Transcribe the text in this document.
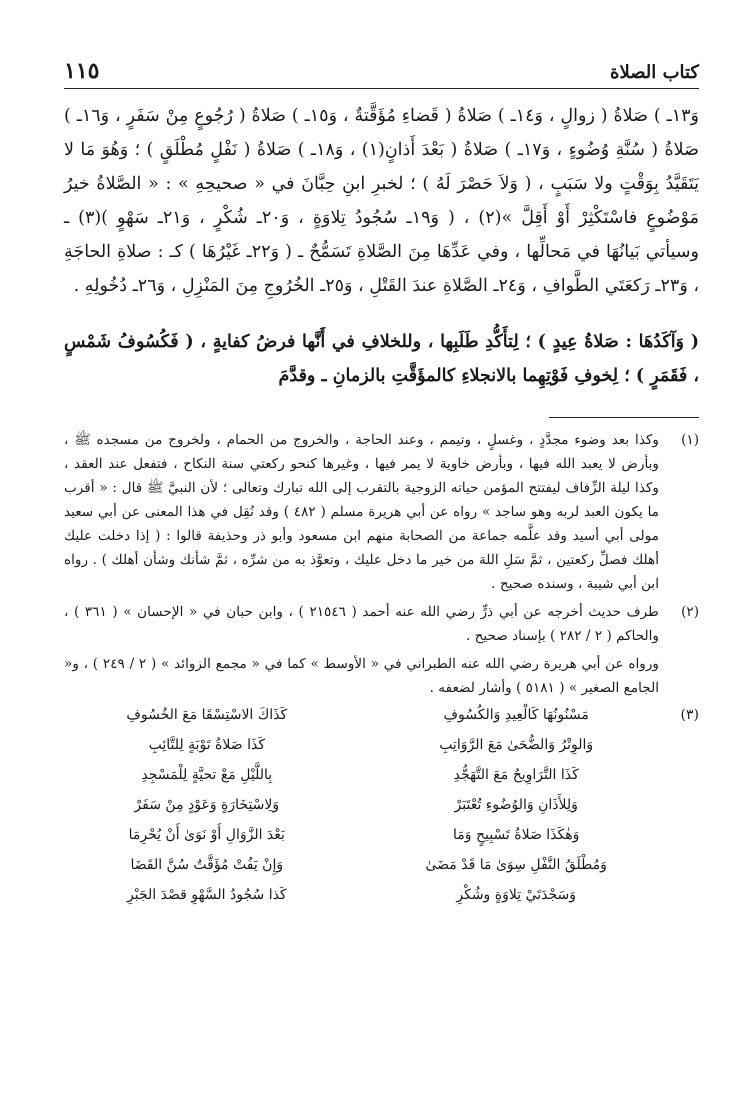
كتاب الصلاة
١١٥

وَ١٣ـ ) صَلاةُ ( زوالٍ ، وَ١٤ـ ) صَلاةُ ( قَضاءِ مُؤَقَّتةٌ ، وَ١٥ـ ) صَلاةُ ( رُجُوعٍ مِنْ سَفَرٍ ، وَ١٦ـ ) صَلاةُ ( سُنَّةِ وُضُوءٍ ، وَ١٧ـ ) صَلاةُ ( بَعْدَ أَذانٍ(١) ، وَ١٨ـ ) صَلاةُ ( نَفْلٍ مُطْلَقٍ ) ؛ وَهُوَ مَا لا يَتَقَيَّدُ بِوَقْتٍ ولا سَبَبٍ ، ( وَلاَ حَصْرَ لَهُ ) ؛ لخبرِ ابنِ حِبَّانَ في « صحيحِهِ » : « الصَّلاةُ خيرُ مَوْضُوعٍ فاسْتَكْثِرْ أَوْ أَقِلَّ »(٢) ، ( وَ١٩ـ سُجُودُ تِلاوَةٍ ، وَ٢٠ـ شُكْرٍ ، وَ٢١ـ سَهْوٍ )(٣) ـ وسيأتي بَيانُهَا في مَحالِّها ، وفي عَدِّهَا مِنَ الصَّلاةِ تَسَمُّحٌ ـ ( وَ٢٢ـ غَيْرُهَا ) كـ : صلاةِ الحاجَةِ ، وَ٢٣ـ رَكعَتَي الطَّوافِ ، وَ٢٤ـ الصَّلاةِ عندَ القَتْلِ ، وَ٢٥ـ الخُرُوجِ مِنَ المَنْزِلِ ، وَ٢٦ـ دُخُولِهِ .

( وَآكَدُهَا : صَلاةُ عِيدٍ ) ؛ لِتأَكُّدِ طَلَبِها ، وللخلافِ في أَنَّها فرضُ كفايةٍ ، ( فَكُسُوفُ شَمْسٍ ، فَقَمَرٍ ) ؛ لِخوفِ فَوْتِهِما بالانجلاءِ كالمؤَقَّتِ بالزمانِ ـ وقدَّمَ

(١)
وكذا بعد وضوء مجدَّدٍ ، وغسلٍ ، وتيمم ، وعند الحاجة ، والخروج من الحمام ، ولخروج من مسجده ﷺ ، وبأرض لا يعبد الله فيها ، وبأرض خاوية لا يمر فيها ، وغيرها كنحو ركعتي سنة النكاح ، فتفعل عند العقد ، وكذا ليلة الزِّفاف ليفتتح المؤمن حياته الزوجية بالتقرب إلى الله تبارك وتعالى ؛ لأن النبيَّ ﷺ قال : « أقرب ما يكون العبد لربه وهو ساجد » رواه عن أبي هريرة مسلم ( ٤٨٢ ) وقد نُقِل في هذا المعنى عن أبي سعيد مولى أبي أسيد وقد علَّمه جماعة من الصحابة منهم ابن مسعود وأبو ذر وحذيفة قالوا : ( إذا دخلت عليك أهلك فصلِّ ركعتين ، ثمَّ سَلِ اللهَ من خير ما دخل عليك ، وتعوَّذ به من شرِّه ، ثمَّ شأنك وشأن أهلك ) . رواه ابن أبي شيبة ، وسنده صحيح .
(٢)
طرف حديث أخرجه عن أبي ذرٍّ رضي الله عنه أحمد ( ٢١٥٤٦ ) ، وابن حبان في « الإحسان » ( ٣٦١ ) ، والحاكم ( ٢ / ٢٨٢ ) بإسناد صحيح .
ورواه عن أبي هريرة رضي الله عنه الطبراني في « الأوسط » كما في « مجمع الزوائد » ( ٢ / ٢٤٩ ) ، و« الجامع الصغير » ( ٥١٨١ ) وأشار لضعفه .
(٣)
مَسْنُونُهَا كَالْعِيدِ وَالكُسُوفِ
كَذَاكَ الاسْتِسْقَا مَعَ الخُسُوفِ
وَالوِتْرُ وَالضُّحَىٰ مَعَ الرَّوَاتِبِ
كَذَا صَلاةُ تَوْبَةٍ لِلتَّائِبِ
كَذَا التَّرَاوِيحُ مَعَ التَّهَجُّدِ
بِاللَّيْلِ مَعْ تحيَّةٍ لِلْمَسْجِدِ
وَلِلأَذَانِ وَالوُضُوءِ تُعْتَبَرْ
وَلِاسْتِخَارَةٍ وَعَوْدٍ مِنْ سَفَرْ
وَهٰكَذَا صَلاةُ تَسْبِيحٍ وَمَا
بَعْدَ الزَّوَالِ أَوْ نَوَىٰ أَنْ يُحْرِمَا
وَمُطْلَقُ النَّفْلِ سِوَىٰ مَا قَدْ مَضَىٰ
وَإِنْ يَفُتْ مُؤَقَّتٌ سُنَّ القَضَا
وَسَجْدَتَيْ تِلاوَةٍ وشُكْرِ
كَذا سُجُودُ السَّهْوِ قصْدَ الجَبْرِ
